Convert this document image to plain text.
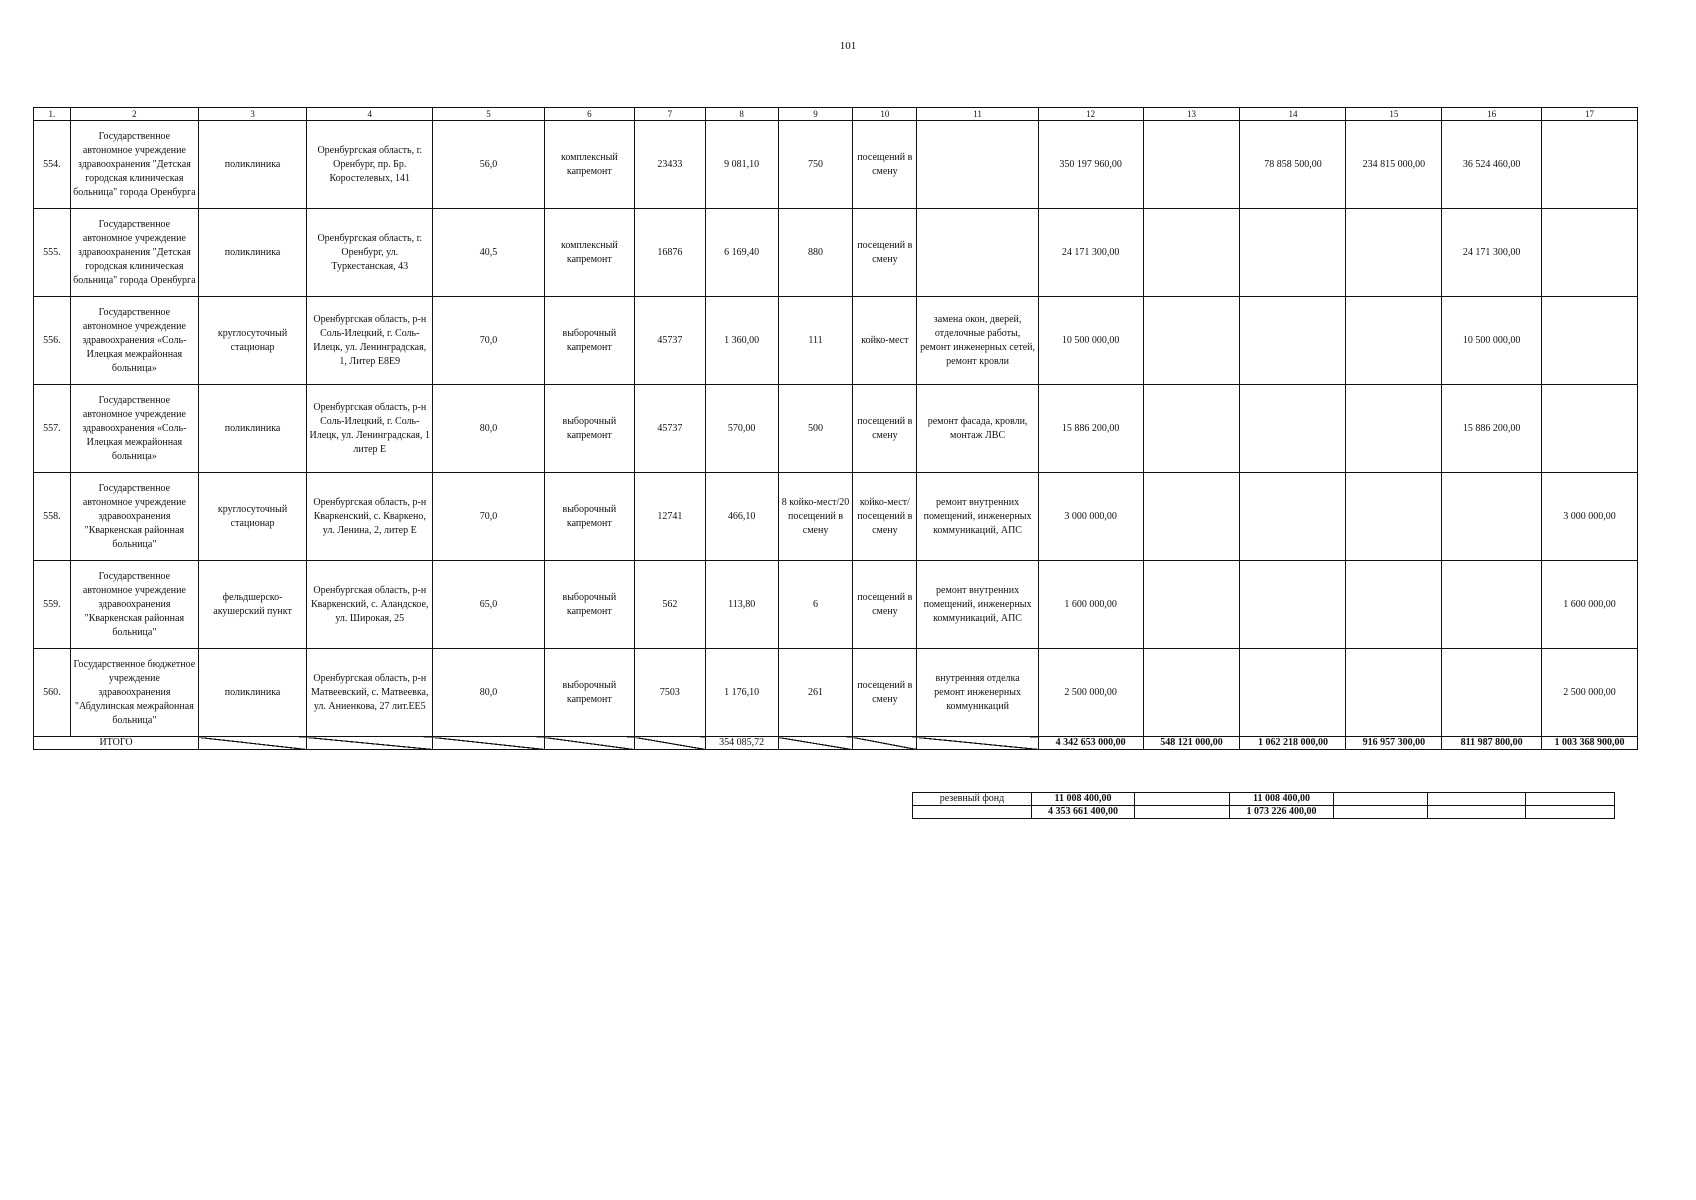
101
1.	2	3	4	5	6	7	8	9	10	11	12	13	14	15	16	17
554.	Государственное автономное учреждение здравоохранения "Детская городская клиническая больница" города Оренбурга	поликлиника	Оренбургская область, г. Оренбург, пр. Бр. Коростелевых, 141	56,0	комплексный капремонт	23433	9 081,10	750	посещений в смену		350 197 960,00		78 858 500,00	234 815 000,00	36 524 460,00	
555.	Государственное автономное учреждение здравоохранения "Детская городская клиническая больница" города Оренбурга	поликлиника	Оренбургская область, г. Оренбург, ул. Туркестанская, 43	40,5	комплексный капремонт	16876	6 169,40	880	посещений в смену		24 171 300,00				24 171 300,00	
556.	Государственное автономное учреждение здравоохранения «Соль-Илецкая межрайонная больница»	круглосуточный стационар	Оренбургская область, р-н Соль-Илецкий, г. Соль-Илецк, ул. Ленинградская, 1, Литер Е8Е9	70,0	выборочный капремонт	45737	1 360,00	111	койко-мест	замена окон, дверей, отделочные работы, ремонт инженерных сетей, ремонт кровли	10 500 000,00				10 500 000,00	
557.	Государственное автономное учреждение здравоохранения «Соль-Илецкая межрайонная больница»	поликлиника	Оренбургская область, р-н Соль-Илецкий, г. Соль-Илецк, ул. Ленинградская, 1 литер Е	80,0	выборочный капремонт	45737	570,00	500	посещений в смену	ремонт фасада, кровли, монтаж ЛВС	15 886 200,00				15 886 200,00	
558.	Государственное автономное учреждение здравоохранения "Кваркенская районная больница"	круглосуточный стационар	Оренбургская область, р-н Кваркенский, с. Кваркено, ул. Ленина, 2, литер Е	70,0	выборочный капремонт	12741	466,10	8 койко-мест/20 посещений в смену	койко-мест/ посещений в смену	ремонт внутренних помещений, инженерных коммуникаций, АПС	3 000 000,00					3 000 000,00
559.	Государственное автономное учреждение здравоохранения "Кваркенская районная больница"	фельдшерско-акушерский пункт	Оренбургская область, р-н Кваркенский, с. Аландское, ул. Широкая, 25	65,0	выборочный капремонт	562	113,80	6	посещений в смену	ремонт внутренних помещений, инженерных коммуникаций, АПС	1 600 000,00					1 600 000,00
560.	Государственное бюджетное учреждение здравоохранения "Абдулинская межрайонная больница"	поликлиника	Оренбургская область, р-н Матвеевский, с. Матвеевка, ул. Аниенкова, 27 лит.ЕЕ5	80,0	выборочный капремонт	7503	1 176,10	261	посещений в смену	внутренняя отделка ремонт инженерных коммуникаций	2 500 000,00					2 500 000,00
ИТОГО							354 085,72				4 342 653 000,00	548 121 000,00	1 062 218 000,00	916 957 300,00	811 987 800,00	1 003 368 900,00
резевный фонд	11 008 400,00		11 008 400,00			
	4 353 661 400,00		1 073 226 400,00			
